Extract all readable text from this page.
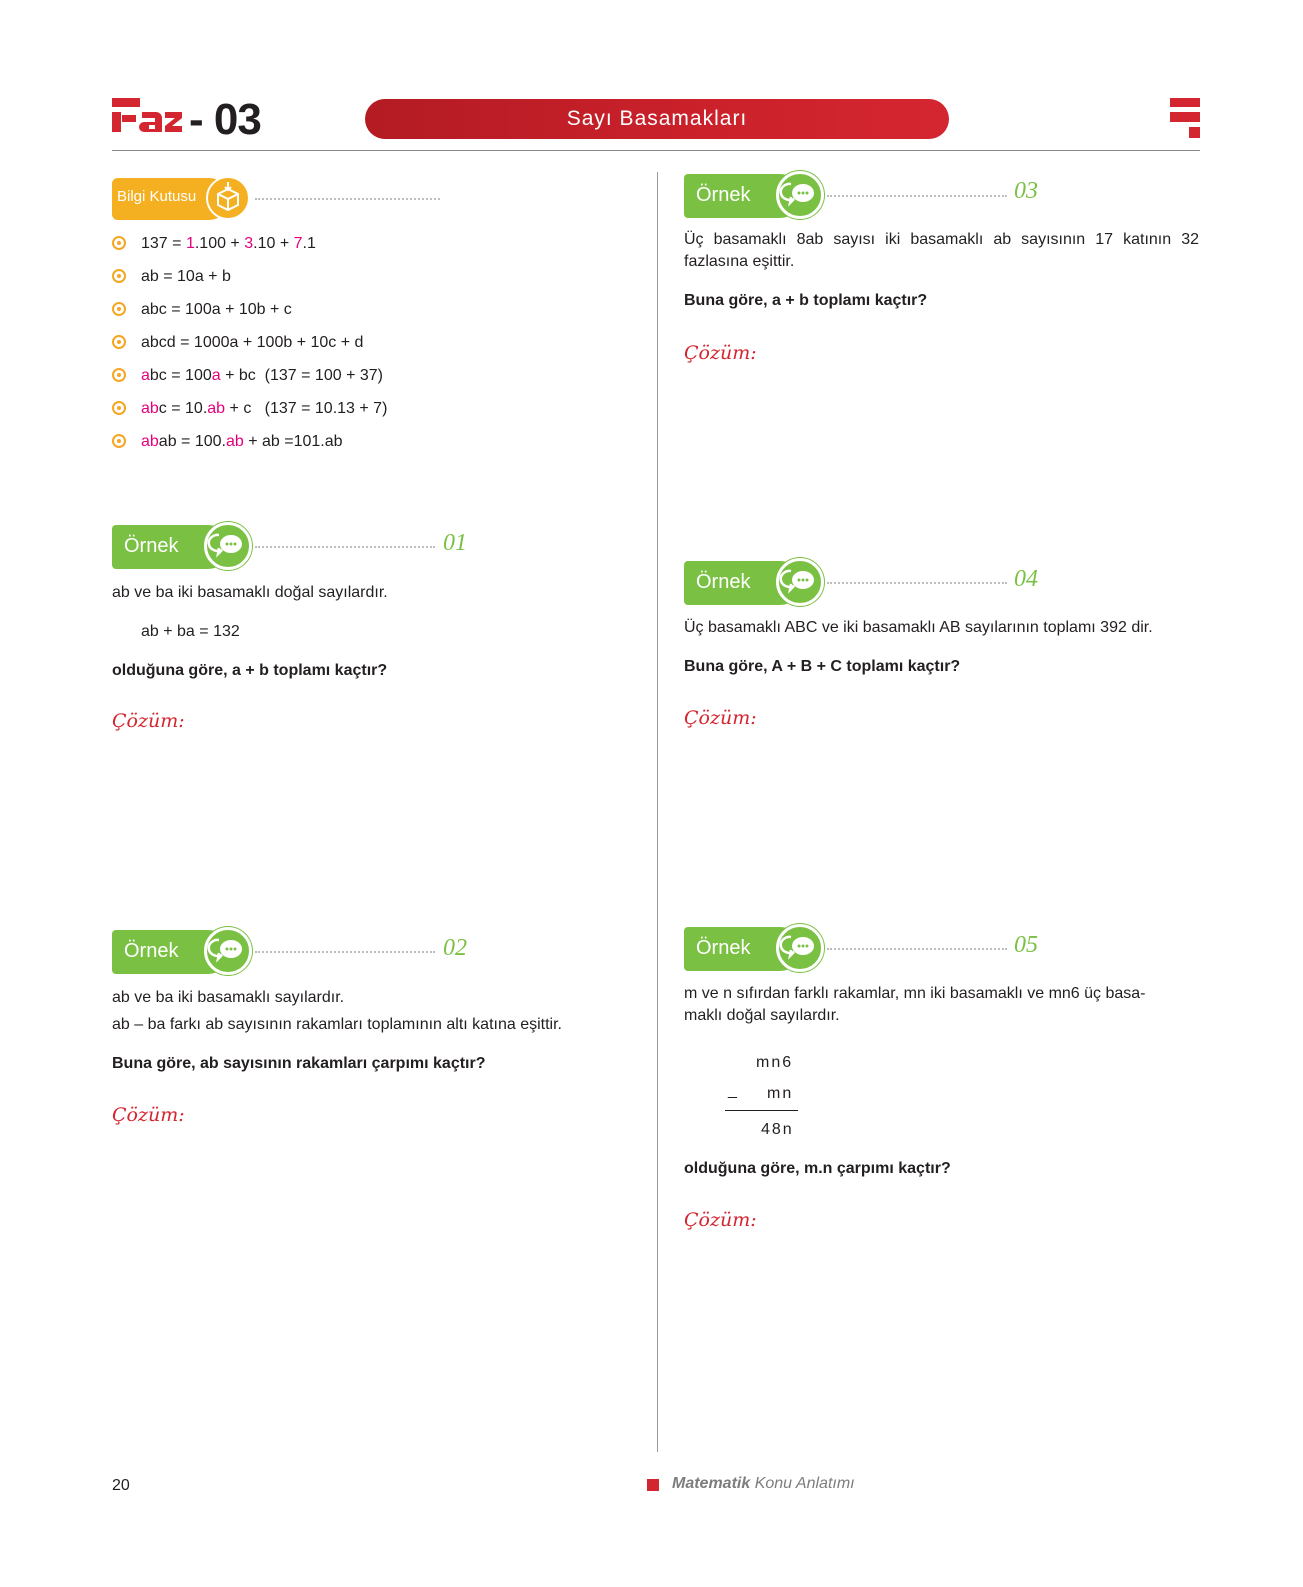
- 03	Sayı Basamakları
Bilgi Kutusu
137 = 1.100 + 3.10 + 7.1
ab = 10a + b
abc = 100a + 10b + c
abcd = 1000a + 100b + 10c + d
abc = 100a + bc  (137 = 100 + 37)
abc = 10.ab + c   (137 = 10.13 + 7)
abab = 100.ab + ab =101.ab
Örnek	01
ab ve ba iki basamaklı doğal sayılardır.
ab + ba = 132
olduğuna göre, a + b toplamı kaçtır?
Çözüm:
Örnek	02
ab ve ba iki basamaklı sayılardır.
ab – ba farkı ab sayısının rakamları toplamının altı katına eşittir.
Buna göre, ab sayısının rakamları çarpımı kaçtır?
Çözüm:
Örnek	03
Üç basamaklı 8ab sayısı iki basamaklı ab sayısının 17 katının 32 fazlasına eşittir.
Buna göre, a + b toplamı kaçtır?
Çözüm:
Örnek	04
Üç basamaklı ABC ve iki basamaklı AB sayılarının toplamı 392 dir.
Buna göre, A + B + C toplamı kaçtır?
Çözüm:
Örnek	05
m ve n sıfırdan farklı rakamlar, mn iki basamaklı ve mn6 üç basa-
maklı doğal sayılardır.
mn6
_ mn
48n
olduğuna göre, m.n çarpımı kaçtır?
Çözüm:
20	Matematik Konu Anlatımı
